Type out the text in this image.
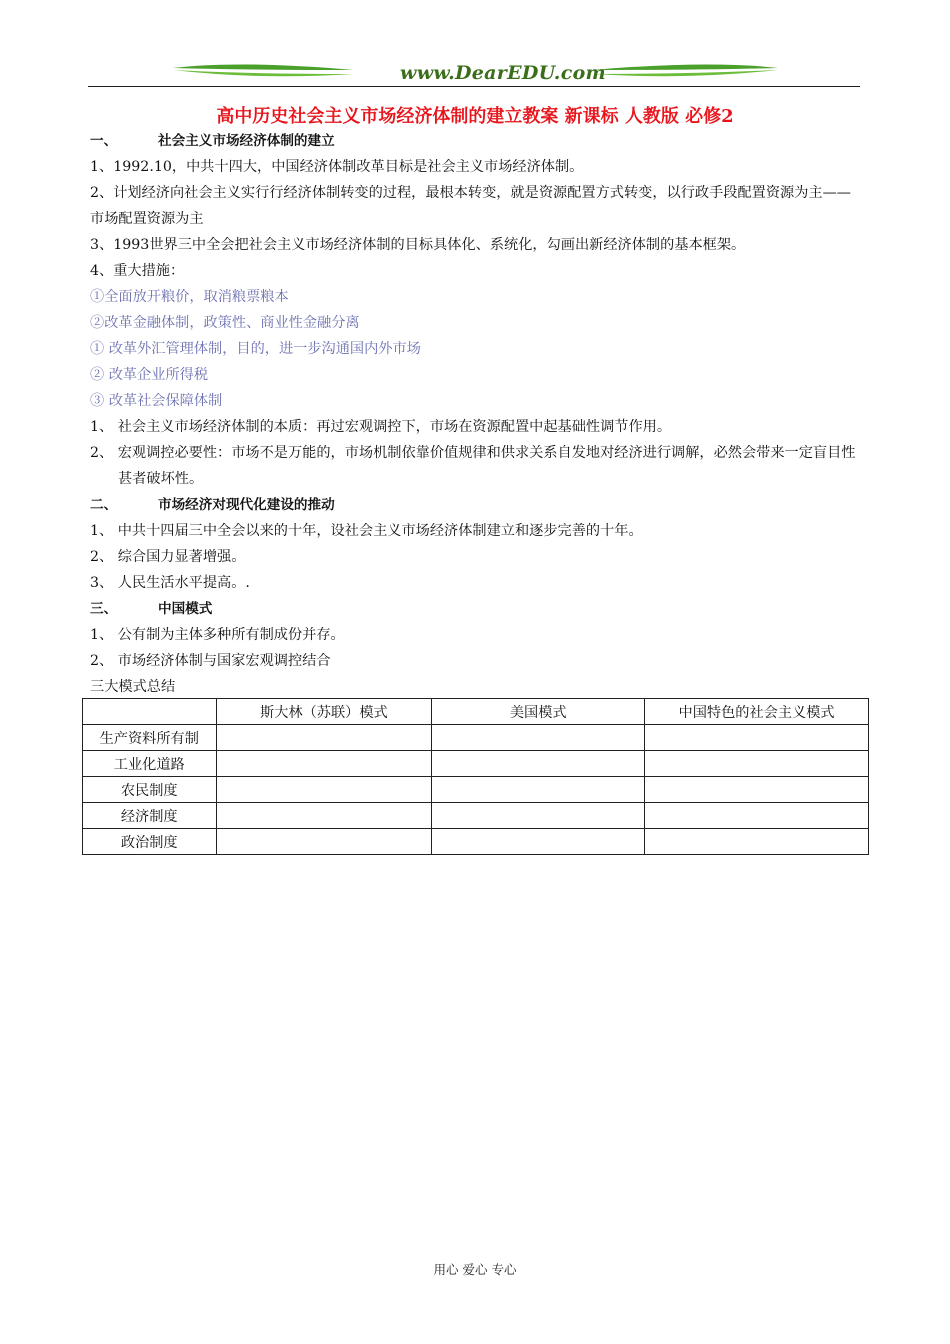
www.DearEDU.com
高中历史社会主义市场经济体制的建立教案 新课标 人教版 必修2
一、	社会主义市场经济体制的建立
1、1992.10，中共十四大，中国经济体制改革目标是社会主义市场经济体制。
2、计划经济向社会主义实行行经济体制转变的过程，最根本转变，就是资源配置方式转变，以行政手段配置资源为主——市场配置资源为主
3、1993世界三中全会把社会主义市场经济体制的目标具体化、系统化，勾画出新经济体制的基本框架。
4、重大措施：
①全面放开粮价，取消粮票粮本
②改革金融体制，政策性、商业性金融分离
① 改革外汇管理体制，目的，进一步沟通国内外市场
② 改革企业所得税
③ 改革社会保障体制
1、 社会主义市场经济体制的本质：再过宏观调控下，市场在资源配置中起基础性调节作用。
2、 宏观调控必要性：市场不是万能的，市场机制依靠价值规律和供求关系自发地对经济进行调解，必然会带来一定盲目性甚者破坏性。
二、	市场经济对现代化建设的推动
1、 中共十四届三中全会以来的十年，设社会主义市场经济体制建立和逐步完善的十年。
2、 综合国力显著增强。
3、 人民生活水平提高。.
三、	中国模式
1、 公有制为主体多种所有制成份并存。
2、 市场经济体制与国家宏观调控结合
三大模式总结
	斯大林（苏联）模式	美国模式	中国特色的社会主义模式
生产资料所有制			
工业化道路			
农民制度			
经济制度			
政治制度			
用心 爱心 专心
